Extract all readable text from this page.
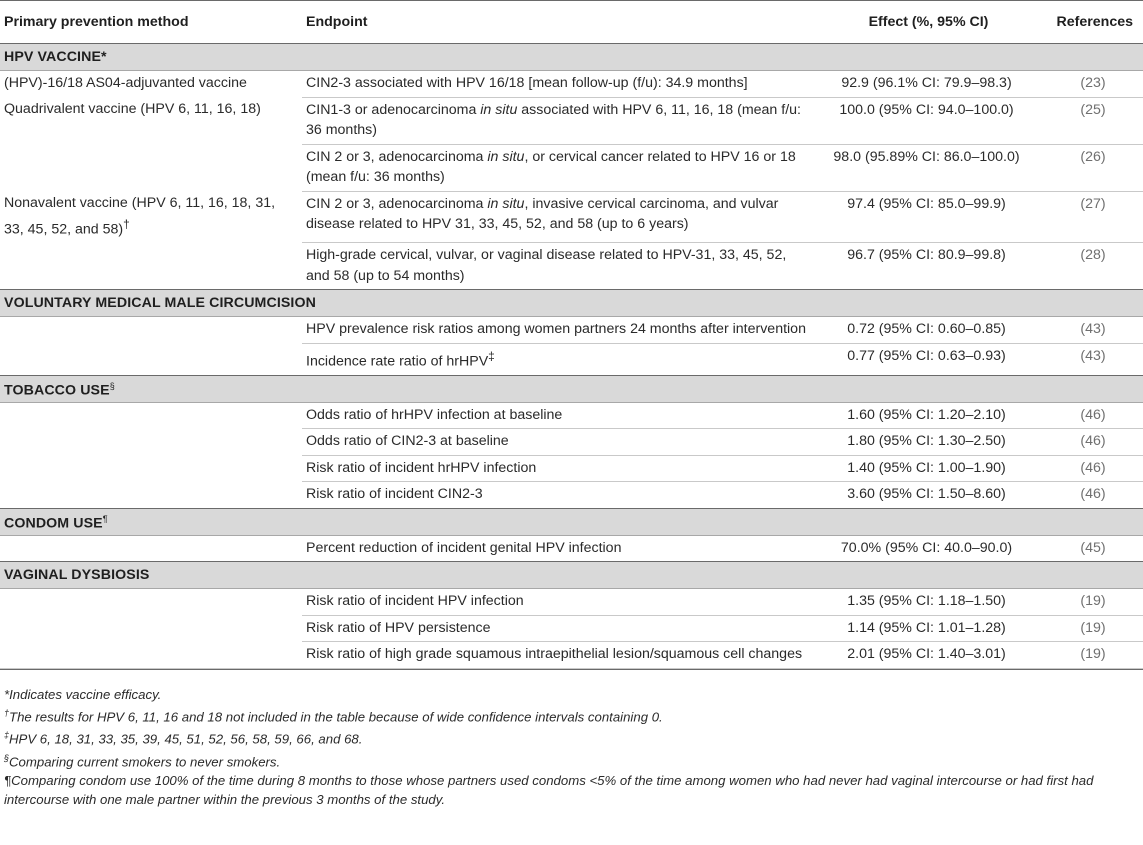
Primary prevention method	Endpoint	Effect (%, 95% CI)	References
HPV VACCINE*			
(HPV)-16/18 AS04-adjuvanted vaccine	CIN2-3 associated with HPV 16/18 [mean follow-up (f/u): 34.9 months]	92.9 (96.1% CI: 79.9–98.3)	(23)
Quadrivalent vaccine (HPV 6, 11, 16, 18)	CIN1-3 or adenocarcinoma in situ associated with HPV 6, 11, 16, 18 (mean f/u: 36 months)	100.0 (95% CI: 94.0–100.0)	(25)
	CIN 2 or 3, adenocarcinoma in situ, or cervical cancer related to HPV 16 or 18 (mean f/u: 36 months)	98.0 (95.89% CI: 86.0–100.0)	(26)
Nonavalent vaccine (HPV 6, 11, 16, 18, 31, 33, 45, 52, and 58)†	CIN 2 or 3, adenocarcinoma in situ, invasive cervical carcinoma, and vulvar disease related to HPV 31, 33, 45, 52, and 58 (up to 6 years)	97.4 (95% CI: 85.0–99.9)	(27)
	High-grade cervical, vulvar, or vaginal disease related to HPV-31, 33, 45, 52, and 58 (up to 54 months)	96.7 (95% CI: 80.9–99.8)	(28)
VOLUNTARY MEDICAL MALE CIRCUMCISION			
	HPV prevalence risk ratios among women partners 24 months after intervention	0.72 (95% CI: 0.60–0.85)	(43)
	Incidence rate ratio of hrHPV‡	0.77 (95% CI: 0.63–0.93)	(43)
TOBACCO USE§
	Odds ratio of hrHPV infection at baseline	1.60 (95% CI: 1.20–2.10)	(46)
	Odds ratio of CIN2-3 at baseline	1.80 (95% CI: 1.30–2.50)	(46)
	Risk ratio of incident hrHPV infection	1.40 (95% CI: 1.00–1.90)	(46)
	Risk ratio of incident CIN2-3	3.60 (95% CI: 1.50–8.60)	(46)
CONDOM USE¶
	Percent reduction of incident genital HPV infection	70.0% (95% CI: 40.0–90.0)	(45)
VAGINAL DYSBIOSIS			
	Risk ratio of incident HPV infection	1.35 (95% CI: 1.18–1.50)	(19)
	Risk ratio of HPV persistence	1.14 (95% CI: 1.01–1.28)	(19)
	Risk ratio of high grade squamous intraepithelial lesion/squamous cell changes	2.01 (95% CI: 1.40–3.01)	(19)
*Indicates vaccine efficacy.
†The results for HPV 6, 11, 16 and 18 not included in the table because of wide confidence intervals containing 0.
‡HPV 6, 18, 31, 33, 35, 39, 45, 51, 52, 56, 58, 59, 66, and 68.
§Comparing current smokers to never smokers.
¶Comparing condom use 100% of the time during 8 months to those whose partners used condoms <5% of the time among women who had never had vaginal intercourse or had first had intercourse with one male partner within the previous 3 months of the study.
